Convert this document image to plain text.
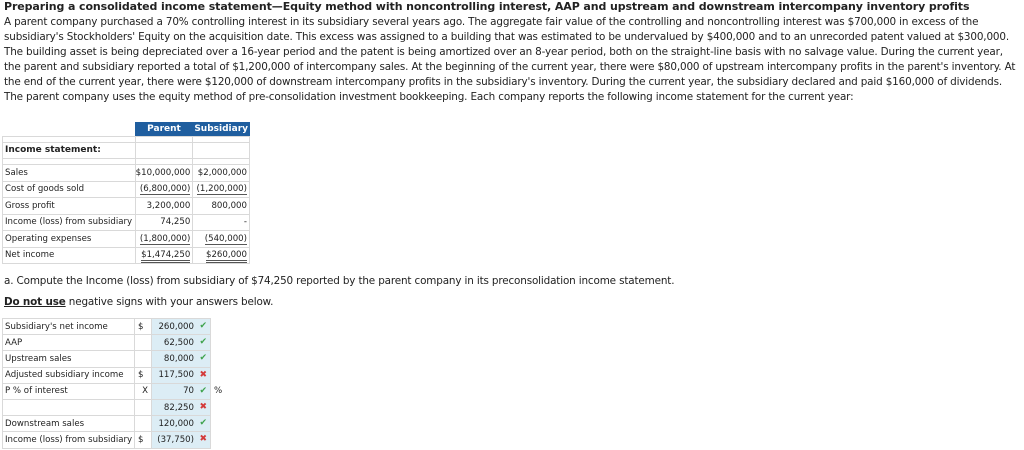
Preparing a consolidated income statement—Equity method with noncontrolling interest, AAP and upstream and downstream intercompany inventory profits
A parent company purchased a 70% controlling interest in its subsidiary several years ago. The aggregate fair value of the controlling and noncontrolling interest was $700,000 in excess of the subsidiary's Stockholders' Equity on the acquisition date. This excess was assigned to a building that was estimated to be undervalued by $400,000 and to an unrecorded patent valued at $300,000. The building asset is being depreciated over a 16-year period and the patent is being amortized over an 8-year period, both on the straight-line basis with no salvage value. During the current year, the parent and subsidiary reported a total of $1,200,000 of intercompany sales. At the beginning of the current year, there were $80,000 of upstream intercompany profits in the parent's inventory. At the end of the current year, there were $120,000 of downstream intercompany profits in the subsidiary's inventory. During the current year, the subsidiary declared and paid $160,000 of dividends. The parent company uses the equity method of pre-consolidation investment bookkeeping. Each company reports the following income statement for the current year:
	Parent	Subsidiary

Income statement:		

Sales	$10,000,000	$2,000,000
Cost of goods sold	(6,800,000)	(1,200,000)
Gross profit	3,200,000	800,000
Income (loss) from subsidiary	74,250	-
Operating expenses	(1,800,000)	(540,000)
Net income	$1,474,250	$260,000
a. Compute the Income (loss) from subsidiary of $74,250 reported by the parent company in its preconsolidation income statement.
Do not use negative signs with your answers below.
Subsidiary's net income	$	260,000 ✔	

AAP		62,500 ✔	

Upstream sales		80,000 ✔	

Adjusted subsidiary income	$	117,500 ✖	

P % of interest	X	70 ✔	%
		82,250 ✖	

Downstream sales		120,000 ✔	

Income (loss) from subsidiary	$	(37,750) ✖	
